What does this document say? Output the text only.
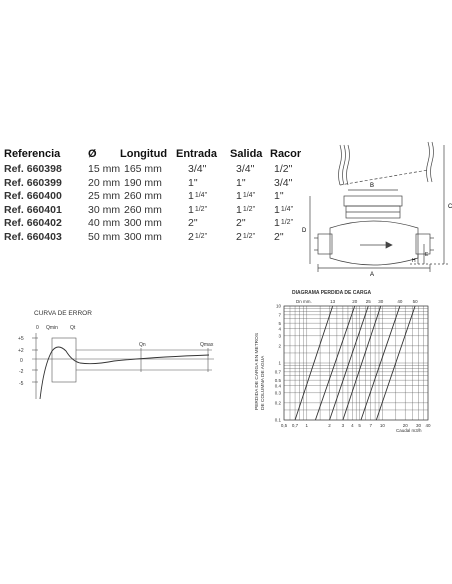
Referencia	Ø Longitud Entrada Salida Racor
Ref. 660398 15 mm 165 mm 3/4"	3/4" 1/2"
Ref. 660399 20 mm 190 mm 1"	1"	3/4"
Ref. 660400 25 mm 260 mm 11/4"	11/4" 1"
Ref. 660401 30 mm 260 mm 11/2"	11/2" 11/4"
Ref. 660402 40 mm 300 mm 2"	2"	11/2"
Ref. 660403 50 mm 300 mm 21/2"	21/2" 2"
B
A
C
D
E
H
CURVA DE ERROR
0 Qmin Qt
Qn	Qmax
+5
+2
0
-2
-5
DIAGRAMA PERDIDA DE CARGA
Dn mm.	13	20 25 30	40 50
PERDIDA DE CARGA EN METROS DE COLUMNA DE AGUA
Caudal m3/h
10
7
5
4
3
2
1
0.7
0.5
0.4
0.3
0.2
0.1
0,5 0,7 1	2 3 4 5 7 10	20 30 40
